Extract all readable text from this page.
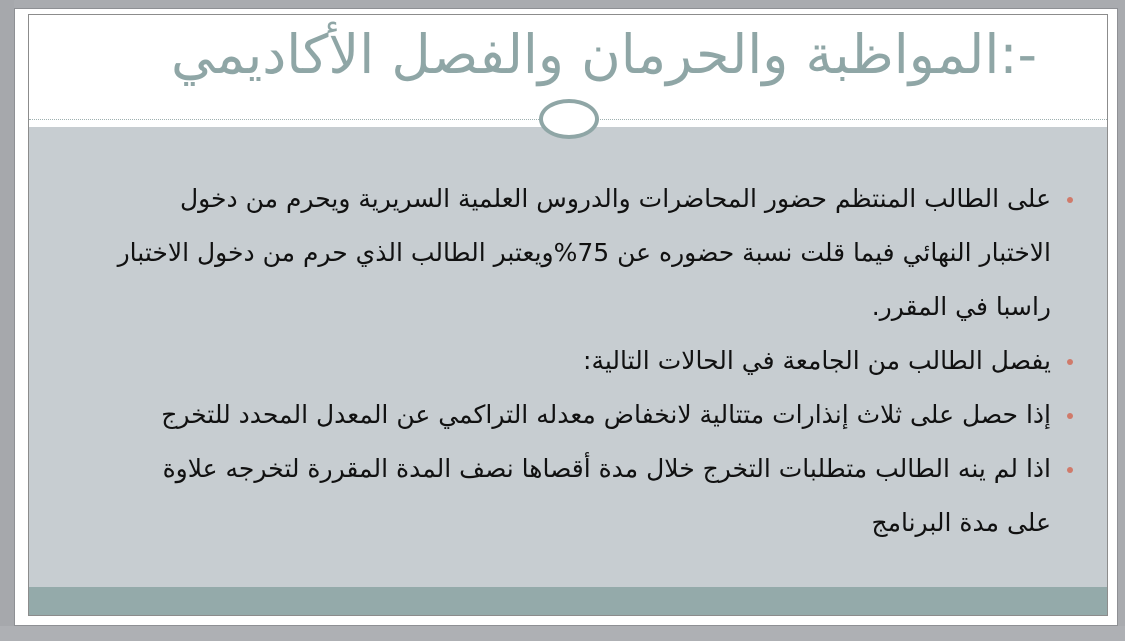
-:المواظبة والحرمان والفصل الأكاديمي
على الطالب المنتظم حضور المحاضرات والدروس العلمية السريرية ويحرم من دخول الاختبار النهائي فيما قلت نسبة حضوره عن 75%ويعتبر الطالب الذي حرم من دخول الاختبار راسبا في المقرر.
يفصل الطالب من الجامعة في الحالات التالية:
إذا حصل على ثلاث إنذارات متتالية لانخفاض معدله التراكمي عن المعدل المحدد للتخرج
اذا لم ينه الطالب متطلبات التخرج خلال مدة أقصاها نصف المدة المقررة لتخرجه علاوة على مدة البرنامج
